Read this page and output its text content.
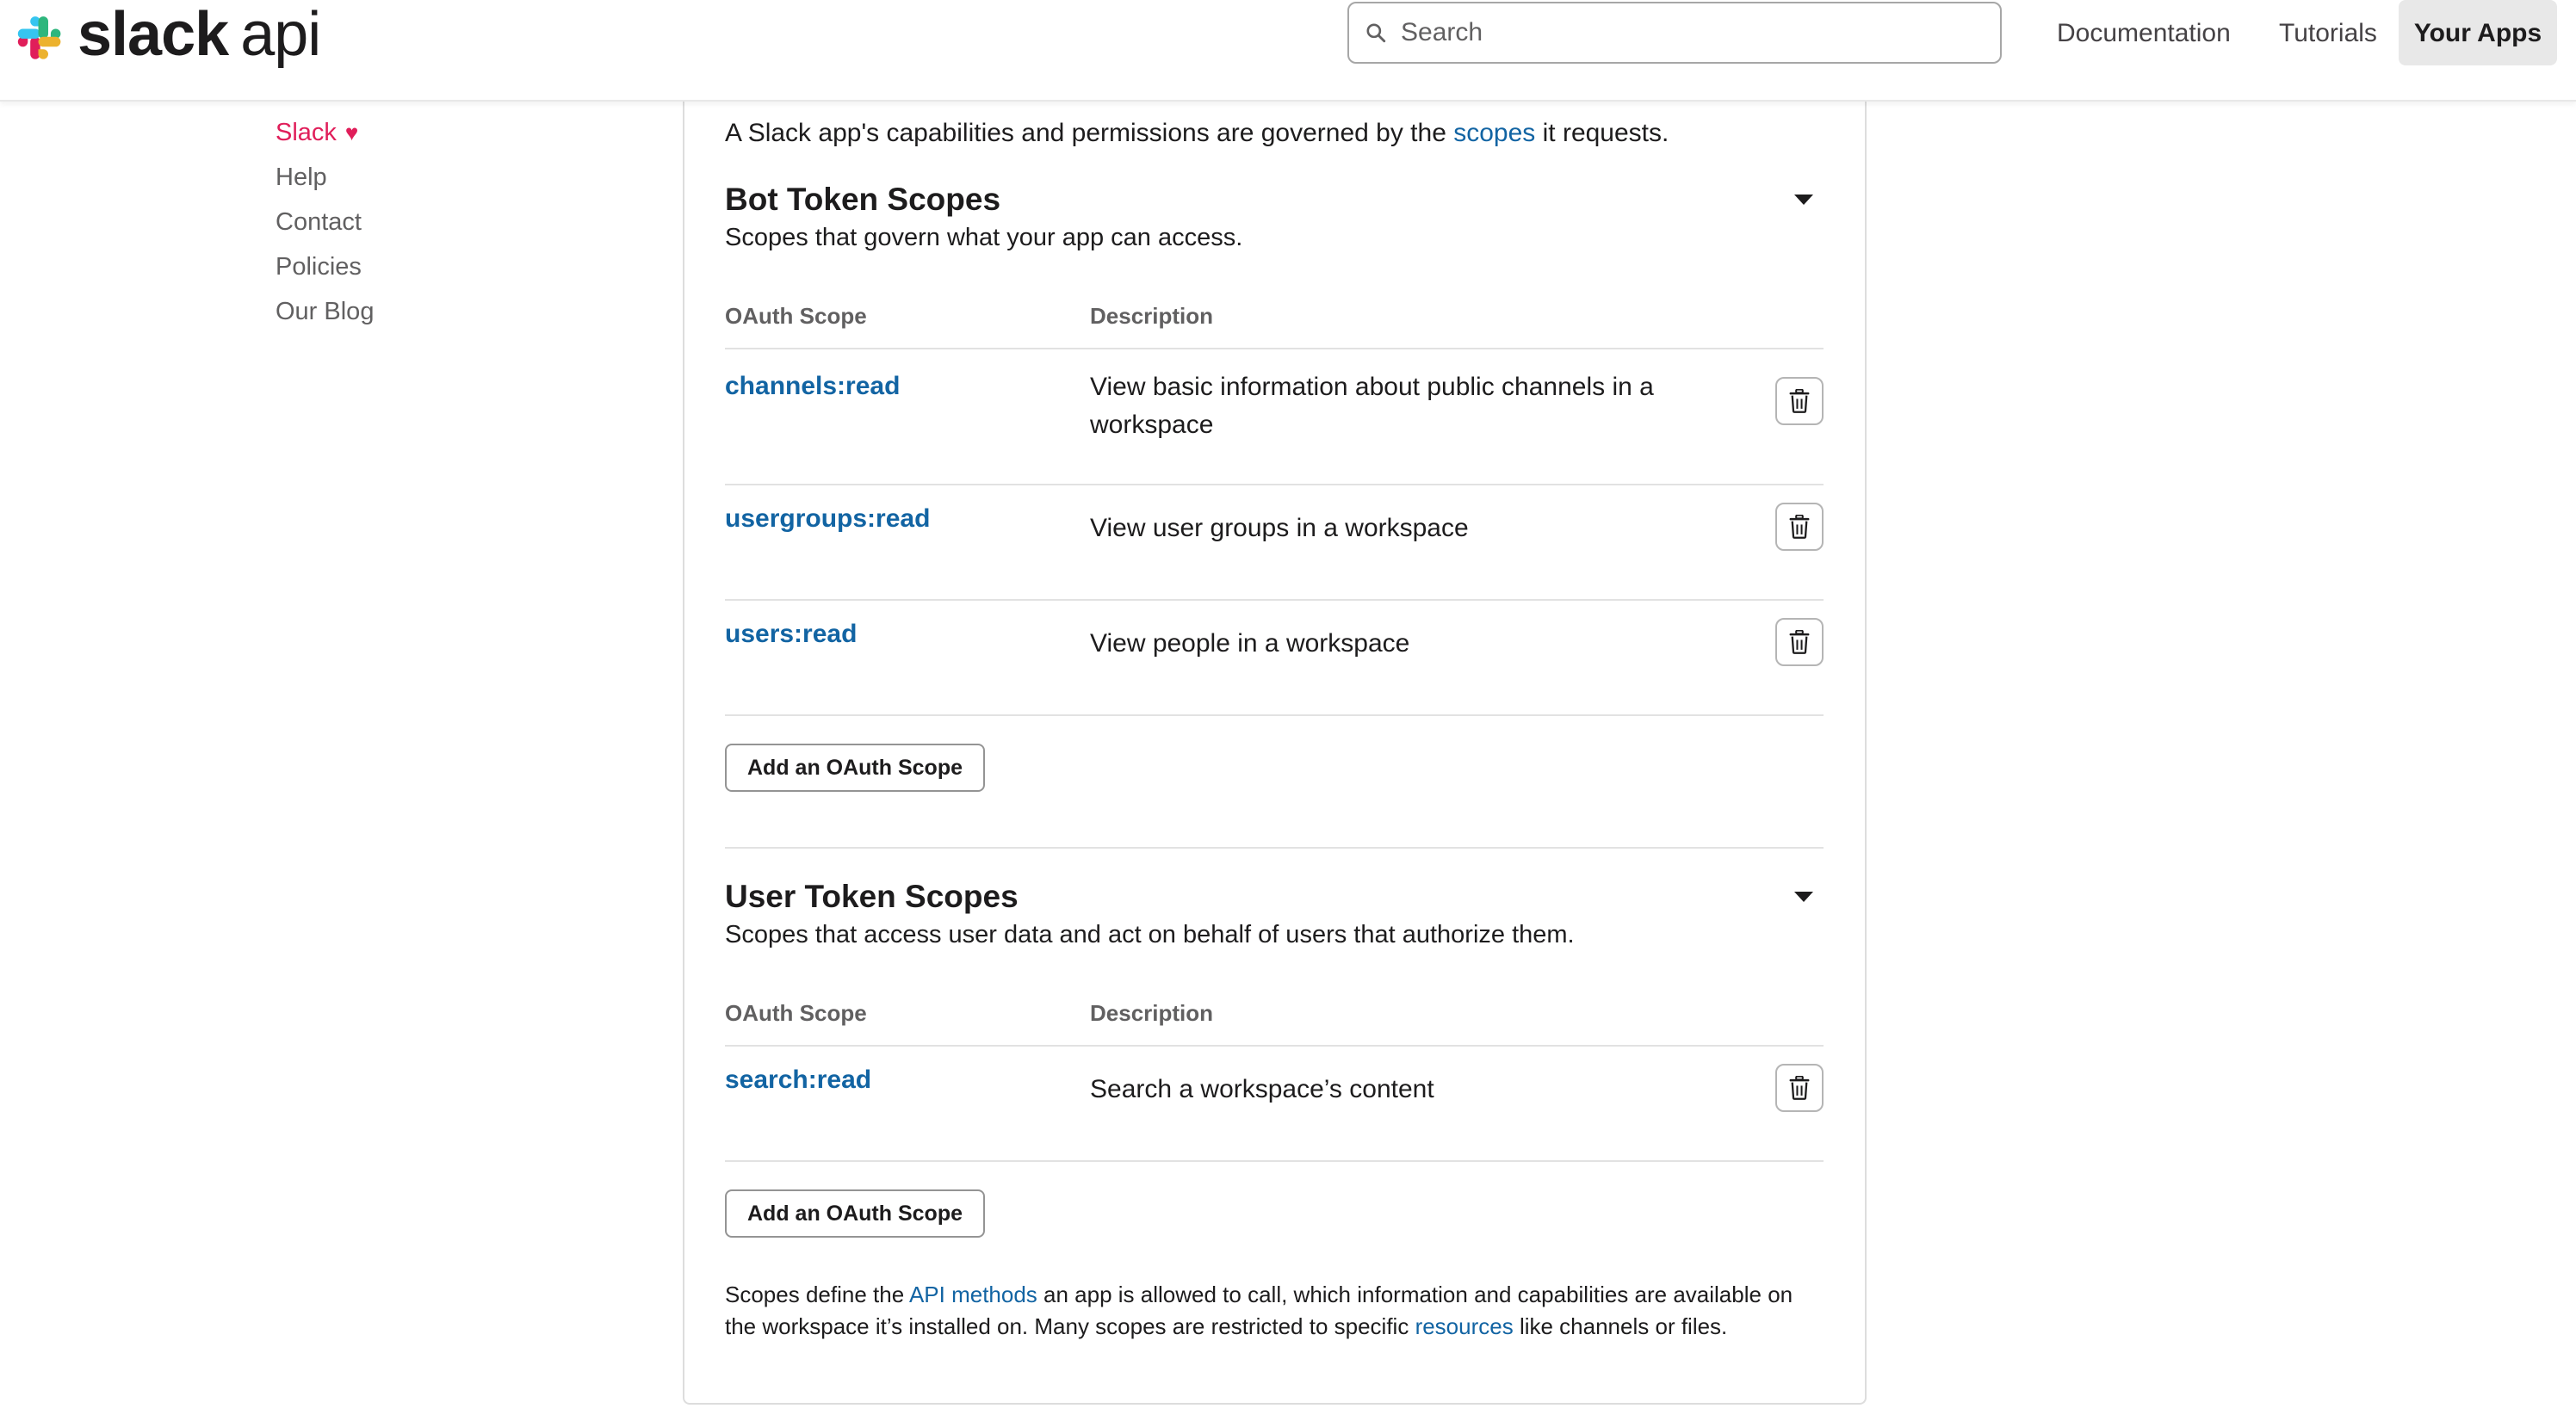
slack api
Search	Documentation Tutorials	Your Apps
Slack ♥
Help
Contact
Policies
Our Blog
A Slack app's capabilities and permissions are governed by the scopes it requests.
Bot Token Scopes
Scopes that govern what your app can access.
OAuth Scope	Description
channels:read	View basic information about public channels in a workspace
usergroups:read	View user groups in a workspace
users:read	View people in a workspace
Add an OAuth Scope
User Token Scopes
Scopes that access user data and act on behalf of users that authorize them.
OAuth Scope	Description
search:read	Search a workspace’s content
Add an OAuth Scope
Scopes define the API methods an app is allowed to call, which information and capabilities are available on the workspace it’s installed on. Many scopes are restricted to specific resources like channels or files.
